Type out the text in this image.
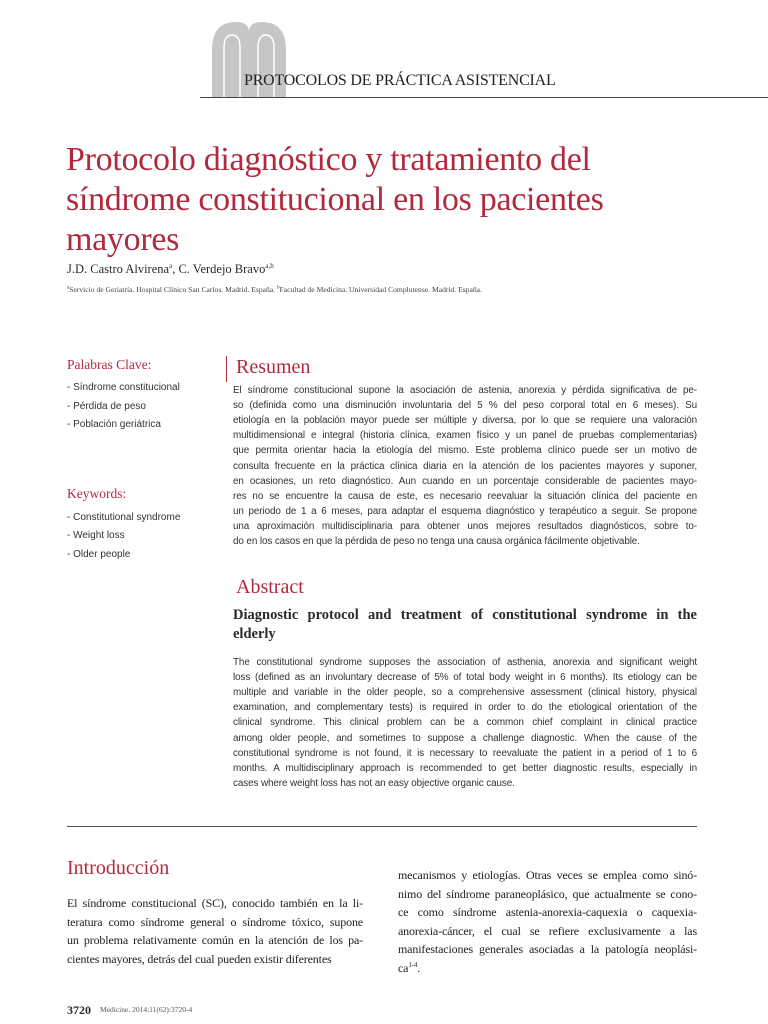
PROTOCOLOS DE PRÁCTICA ASISTENCIAL
Protocolo diagnóstico y tratamiento del
síndrome constitucional en los pacientes
mayores
J.D. Castro Alvirena$^a$, C. Verdejo Bravo$^{a,b}$
$^a$Servicio de Geriatría. Hospital Clínico San Carlos. Madrid. España. $^b$Facultad de Medicina. Universidad Complutense. Madrid. España.
Palabras Clave:
- Síndrome constitucional
- Pérdida de peso
- Población geriátrica
Keywords:
- Constitutional syndrome
- Weight loss
- Older people
Resumen
El síndrome constitucional supone la asociación de astenia, anorexia y pérdida significativa de pe-
so (definida como una disminución involuntaria del 5 % del peso corporal total en 6 meses). Su
etiología en la población mayor puede ser múltiple y diversa, por lo que se requiere una valoración
multidimensional e integral (historia clínica, examen físico y un panel de pruebas complementarias)
que permita orientar hacia la etiología del mismo. Este problema clínico puede ser un motivo de
consulta frecuente en la práctica clínica diaria en la atención de los pacientes mayores y suponer,
en ocasiones, un reto diagnóstico. Aun cuando en un porcentaje considerable de pacientes mayo-
res no se encuentre la causa de este, es necesario reevaluar la situación clínica del paciente en
un periodo de 1 a 6 meses, para adaptar el esquema diagnóstico y terapéutico a seguir. Se propone
una aproximación multidisciplinaria para obtener unos mejores resultados diagnósticos, sobre to-
do en los casos en que la pérdida de peso no tenga una causa orgánica fácilmente objetivable.
Abstract
Diagnostic protocol and treatment of constitutional syndrome in the elderly
The constitutional syndrome supposes the association of asthenia, anorexia and significant weight
loss (defined as an involuntary decrease of 5% of total body weight in 6 months). Its etiology can be
multiple and variable in the older people, so a comprehensive assessment (clinical history, physical
examination, and complementary tests) is required in order to do the etiological orientation of the
clinical syndrome. This clinical problem can be a common chief complaint in clinical practice
among older people, and sometimes to suppose a challenge diagnostic. When the cause of the
constitutional syndrome is not found, it is necessary to reevaluate the patient in a period of 1 to 6
months. A multidisciplinary approach is recommended to get better diagnostic results, especially in
cases where weight loss has not an easy objective organic cause.
Introducción
El síndrome constitucional (SC), conocido también en la li-
teratura como síndrome general o síndrome tóxico, supone
un problema relativamente común en la atención de los pa-
cientes mayores, detrás del cual pueden existir diferentes
mecanismos y etiologías. Otras veces se emplea como sinó-
nimo del síndrome paraneoplásico, que actualmente se cono-
ce como síndrome astenia-anorexia-caquexia o caquexia-
anorexia-cáncer, el cual se refiere exclusivamente a las
manifestaciones generales asociadas a la patología neoplási-
$ca^{1-4}$.
3720 Medicine. 2014;11(62):3720-4
